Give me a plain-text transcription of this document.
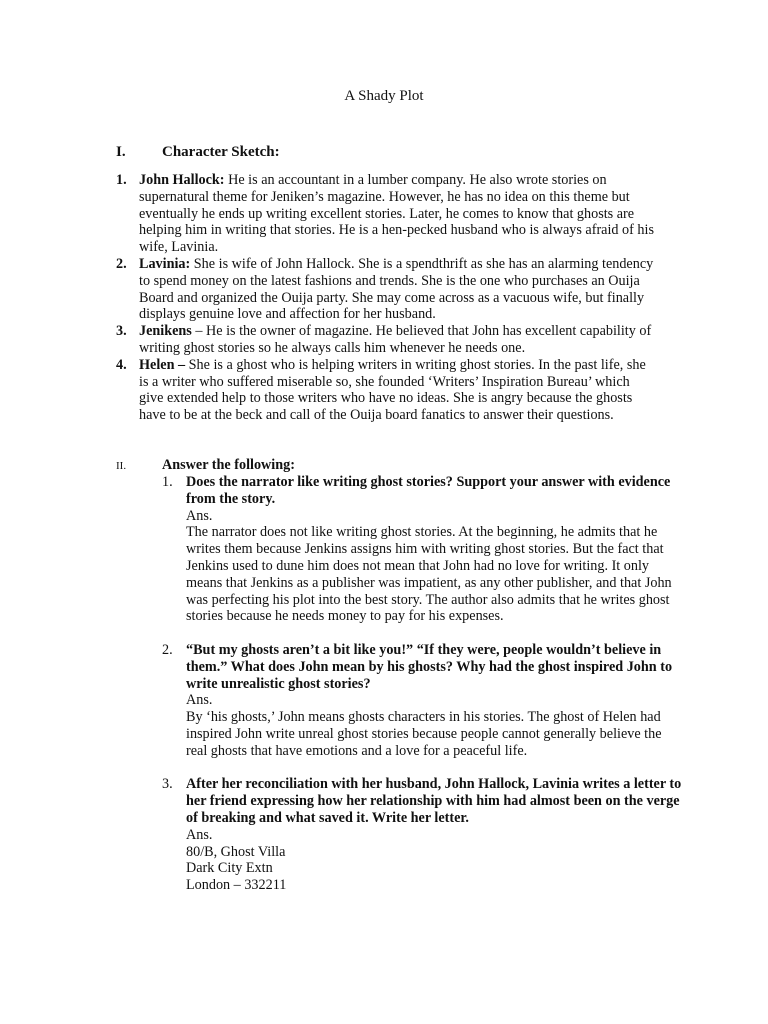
A Shady Plot
I. Character Sketch:
1. John Hallock: He is an accountant in a lumber company. He also wrote stories on supernatural theme for Jeniken’s magazine. However, he has no idea on this theme but eventually he ends up writing excellent stories. Later, he comes to know that ghosts are helping him in writing that stories. He is a hen-pecked husband who is always afraid of his wife, Lavinia.
2. Lavinia: She is wife of John Hallock. She is a spendthrift as she has an alarming tendency to spend money on the latest fashions and trends. She is the one who purchases an Ouija Board and organized the Ouija party. She may come across as a vacuous wife, but finally displays genuine love and affection for her husband.
3. Jenikens – He is the owner of magazine. He believed that John has excellent capability of writing ghost stories so he always calls him whenever he needs one.
4. Helen – She is a ghost who is helping writers in writing ghost stories. In the past life, she is a writer who suffered miserable so, she founded ‘Writers’ Inspiration Bureau’ which give extended help to those writers who have no ideas. She is angry because the ghosts have to be at the beck and call of the Ouija board fanatics to answer their questions.
II.	Answer the following:
1. Does the narrator like writing ghost stories? Support your answer with evidence from the story.
Ans.
The narrator does not like writing ghost stories. At the beginning, he admits that he writes them because Jenkins assigns him with writing ghost stories. But the fact that Jenkins used to dune him does not mean that John had no love for writing. It only means that Jenkins as a publisher was impatient, as any other publisher, and that John was perfecting his plot into the best story. The author also admits that he writes ghost stories because he needs money to pay for his expenses.
2. “But my ghosts aren’t a bit like you!” “If they were, people wouldn’t believe in them.” What does John mean by his ghosts? Why had the ghost inspired John to write unrealistic ghost stories?
Ans.
By ‘his ghosts,’ John means ghosts characters in his stories. The ghost of Helen had inspired John write unreal ghost stories because people cannot generally believe the real ghosts that have emotions and a love for a peaceful life.
3. After her reconciliation with her husband, John Hallock, Lavinia writes a letter to her friend expressing how her relationship with him had almost been on the verge of breaking and what saved it. Write her letter.
Ans.
80/B, Ghost Villa
Dark City Extn
London – 332211
